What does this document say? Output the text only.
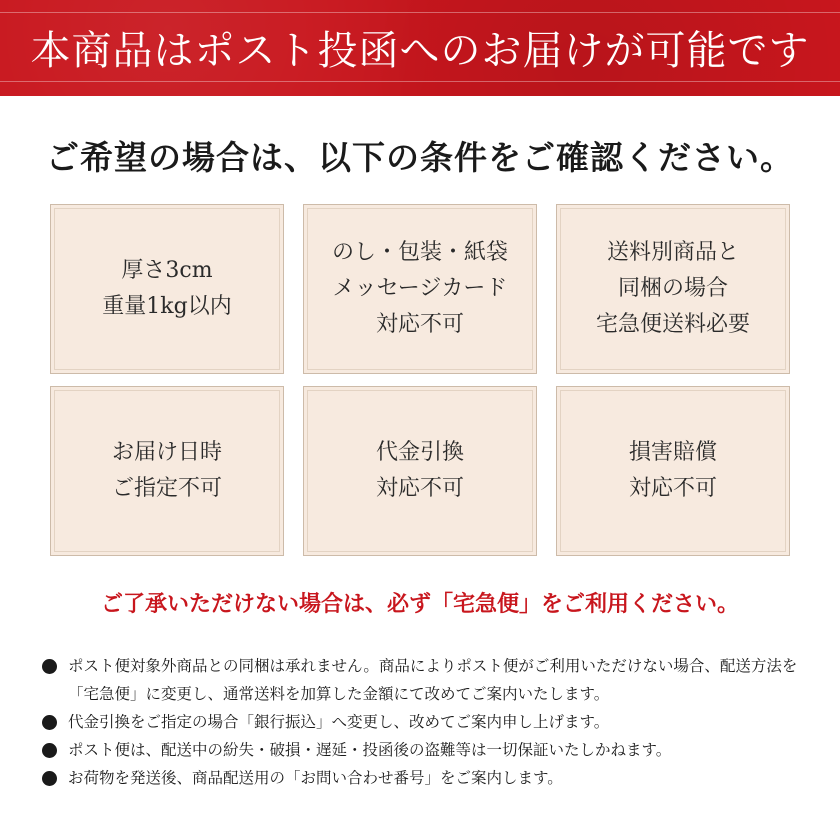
本商品はポスト投函へのお届けが可能です
ご希望の場合は、以下の条件をご確認ください。
厚さ3cm
重量1kg以内
のし・包装・紙袋
メッセージカード
対応不可
送料別商品と
同梱の場合
宅急便送料必要
お届け日時
ご指定不可
代金引換
対応不可
損害賠償
対応不可

ご了承いただけない場合は、必ず「宅急便」をご利用ください。

ポスト便対象外商品との同梱は承れません。商品によりポスト便がご利用いただけない場合、配送方法を「宅急便」に変更し、通常送料を加算した金額にて改めてご案内いたします。
代金引換をご指定の場合「銀行振込」へ変更し、改めてご案内申し上げます。
ポスト便は、配送中の紛失・破損・遅延・投函後の盗難等は一切保証いたしかねます。
お荷物を発送後、商品配送用の「お問い合わせ番号」をご案内します。
